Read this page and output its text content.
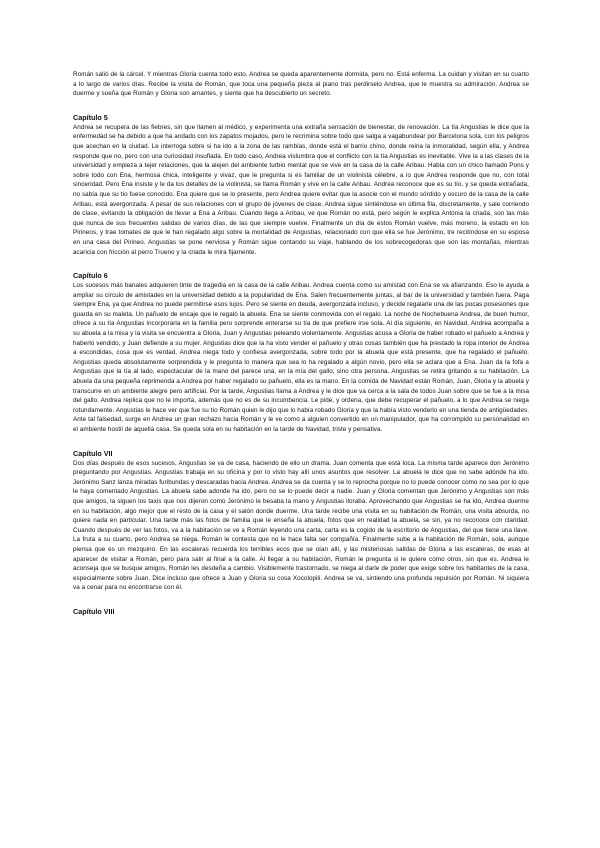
Román salió de la cárcel. Y mientras Gloria cuenta todo esto, Andrea se queda aparentemente dormida, pero no. Está enferma. La cuidan y visitan en su cuarto a lo largo de varios días. Recibe la visita de Román, que toca una pequeña pieza al piano tras perdirselo Andrea, que le muestra su admiración. Andrea se duerme y sueña que Román y Gloria son amantes, y siente que ha descubierto un secreto.

Capítulo 5

Andrea se recupera de las fiebres, sin que llamen al médico, y experimenta una extraña sensación de bienestar, de renovación. La tía Angustias le dice que la enfermedad se ha debido a que ha andado con los zapatos mojados, pero le recrimina sobre todo que salga a vagabundear por Barcelona sola, con los peligros que acechan en la ciudad. Le interroga sobre si ha ido a la zona de las ramblas, donde está el barrio chino, donde reina la inmoralidad, según ella, y Andrea responde que no, pero con una curiosidad insuflada. En todo caso, Andrea vislumbra que el conflicto con la tía Angustias es inevitable. Vive la a las clases de la universidad y empieza a tejer relaciones, que la alejen del ambiente turbio mental que se vive en la casa de la calle Aribau. Habla con un chico llamado Pons y sobre todo con Ena, hermosa chica, inteligente y vivaz, que le pregunta si es familiar de un violinista célebre, a lo que Andrea responde que no, con total sinceridad. Pero Ena insiste y le da los detalles de la violinista, se llama Román y vive en la calle Aribau. Andrea reconoce que es su tío, y se queda extrañada, no sabía que su tío fuese conocido. Ena quiere que se lo presente, pero Andrea quiere evitar que la asocie con el mundo sórdido y oscuro de la casa de la calle Aribau, está avergonzada. A pesar de sus relaciones con el grupo de jóvenes de clase, Andrea sigue sintiéndose en última fila, discretamente, y sale corriendo de clase, evitando la obligación de llevar a Ena a Aribau. Cuando llega a Aribau, ve que Román no está, pero según le explica Antonia la criada, son las más que nunca de sus frecuentes salidas de varios días, de las que siempre vuelve. Finalmente un día de estos Román vuelve, más moreno, la estado en los Pirineos, y trae tomates de que le han regalado algo sobre la mortalidad de Angustias, relacionado con que ella se fue Jerónimo, tre recitíndose en su esposa en una casa del Pirineo. Angustias se pone nerviosa y Román sigue contando su viaje, hablando de los sobrecogedoras que son las montañas, mientras acaricia con fricción al perro Trueno y la criada le mira fijamente.

Capítulo 6

Los sucesos más banales adquieren tinte de tragedia en la casa de la calle Aribau. Andrea cuenta como su amistad con Ena se va afianzando. Eso le ayuda a ampliar su círculo de amistades en la universidad debido a la popularidad de Ena. Salen frecuentemente juntas, al bar de la universidad y también fuera. Paga siempre Ena, ya que Andrea no puede permitirse esos lujos. Pero se siente en deuda, avergonzada incluso, y decide regalarle una de las pocas posesiones que guarda en su maleta. Un pañuelo de encaje que le regaló la abuela. Ena se siente conmovida con el regalo. La noche de Nochebuena Andrea, de buen humor, ofrece a su tía Angustias incorporarla en la familia pero sorprende enterarse su tía de que prefiere irse sola. Al día siguiente, en Navidad, Andrea acompaña a su abuela a la misa y la visita se encuentra a Gloria, Juan y Angustias peleando violentamente. Angustias acusa a Gloria de haber robado el pañuelo a Andrea y haberlo vendido, y Juan defiende a su mujer. Angustias dice que la ha visto vender el pañuelo y otras cosas también que ha prestado la ropa interior de Andrea a escondidas, cosa que es verdad. Andrea niega todo y confiesa avergonzada, sobre todo por la abuela que está presente, que ha regalado el pañuelo. Angustias queda absolutamente sorprendida y le pregunta lo manera que sea lo ha regalado a algún novio, pero ella se aclara que a Ena. Juan da la fofa a Angustias que la tía al lado, espectacular de la mano del parece una, en la mía del gallo, sino otra persona. Angustias se retira gritando a su habitación. La abuela da una pequeña reprimenda a Andrea por haber regalado su pañuelo, ella es la mano. En la comida de Navidad están Román, Juan, Gloria y la abuela y transcurre en un ambiente alegre pero artificial. Por la tarde, Angustias llama a Andrea y le dice que va cerca a la sala de todos Juan sobre que se fue a la misa del gallo. Andrea replica que no le importa, además que no es de su incumbencia. Le pide, y ordena, que debe recuperar el pañuelo, a lo que Andrea se niega rotundamente. Angustias le hace ver que fue su tío Román quien le dijo que lo había robado Gloria y que la había visto venderlo en una tienda de antigüedades. Ante tal falsedad, surge en Andrea un gran rechazo hacia Román y le ve como a alguien convertido en un manipulador, que ha corrompido su personalidad en el ambiente hostil de aquella casa. Se queda sola en su habitación en la tarde de Navidad, triste y pensativa.

Capítulo VII

Dos días después de esos sucesos, Angustias se va de casa, haciendo de ello un drama. Juan comenta que está loca. La misma tarde aparece don Jerónimo preguntando por Angustias. Angustias trabaja en su oficina y por lo visto hay allí unos asuntos que resolver. La abuela le dice que no sabe adónde ha ido. Jerónimo Sanz lanza miradas furibundas y descaradas hacia Andrea. Andrea se da cuenta y se lo reprocha porque no lo puede conocer como no sea por lo que le haya comentado Angustias. La abuela sabe adonde ha ido, pero no se lo puede decir a nadie. Juan y Gloria comentan que Jerónimo y Angustias son más que amigos, la siguen los taxis que nos dijeron como Jerónimo le besaba la mano y Angustias lloraba. Aprovechando que Angustias se ha ido, Andrea duerme en su habitación, algo mejor que el resto de la casa y el salón donde duerme. Una tarde recibe una visita en su habitación de Román, una visita absurda, no quiere nada en particular. Una tarde más las fotos de familia que le enseña la abuela, fotos que en realidad la abuela, se sin, ya no reconoce con claridad. Cuando después de ver las fotos, va a la habitación se ve a Román leyendo una carta, carta es la cogido de la escritorio de Angustias, del que tiene una llave. La fruta a su cuarto, pero Andrea se niega. Román le contesta que no le hace falta ser compañía. Finalmente sube a la habitación de Román, sola, aunque piensa que es un mezquino. En las escaleras recuerda los terribles ecos que se oían allí, y las misteriosas salidas de Gloria a las escaleras, de esas al aparecer de visitar a Román, pero para salir al final a la calle. Al llegar a su habitación, Román le pregunta si le quiere como otros, sin que es. Andrea le aconseja que se busque amigos, Román les desdeña a cambio. Visiblemente trastornado, se niega al darle de poder que exige sobre los habitantes de la casa, especialmente sobre Juan. Dice incluso que ofrece a Juan y Gloria su cosa Xocolopili. Andrea se va, sintiendo una profunda repulsión por Román. Ni siquiera va a cenar para no encontrarse con él.

Capítulo VIII
